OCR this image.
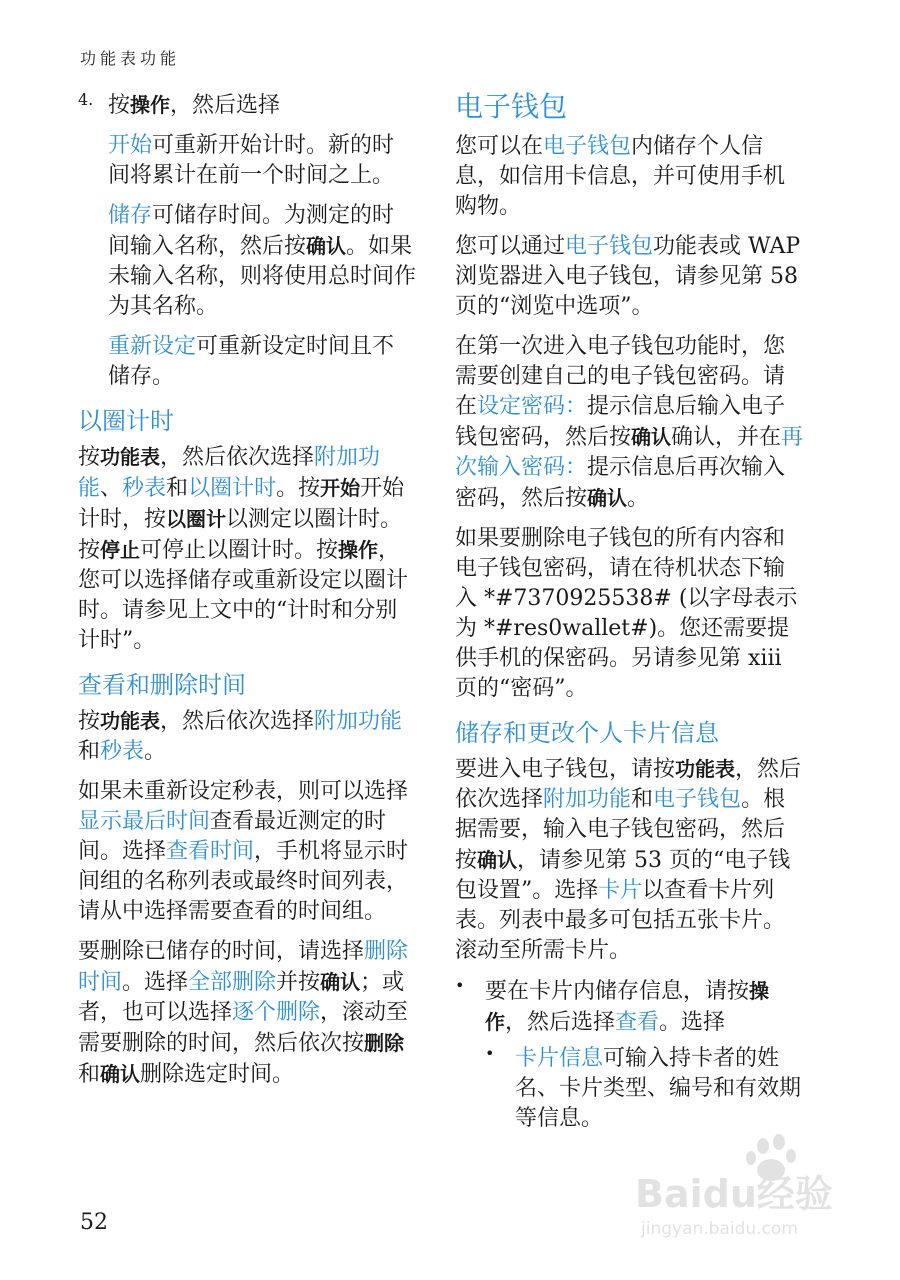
功能表功能
4. 按操作，然后选择

开始可重新开始计时。新的时间将累计在前一个时间之上。

储存可储存时间。为测定的时间输入名称，然后按确认。如果未输入名称，则将使用总时间作为其名称。

重新设定可重新设定时间且不储存。

以圈计时

按功能表，然后依次选择附加功能、秒表和以圈计时。按开始开始计时，按以圈计以测定以圈计时。按停止可停止以圈计时。按操作，您可以选择储存或重新设定以圈计时。请参见上文中的“计时和分别计时”。

查看和删除时间

按功能表，然后依次选择附加功能和秒表。

如果未重新设定秒表，则可以选择显示最后时间查看最近测定的时间。选择查看时间，手机将显示时间组的名称列表或最终时间列表，请从中选择需要查看的时间组。

要删除已储存的时间，请选择删除时间。选择全部删除并按确认；或者，也可以选择逐个删除，滚动至需要删除的时间，然后依次按删除和确认删除选定时间。

电子钱包

您可以在电子钱包内储存个人信息，如信用卡信息，并可使用手机购物。

您可以通过电子钱包功能表或 WAP 浏览器进入电子钱包，请参见第 58 页的“浏览中选项”。

在第一次进入电子钱包功能时，您需要创建自己的电子钱包密码。请在设定密码：提示信息后输入电子钱包密码，然后按确认确认，并在再次输入密码：提示信息后再次输入密码，然后按确认。

如果要删除电子钱包的所有内容和电子钱包密码，请在待机状态下输入 *#7370925538# (以字母表示为 *#res0wallet#)。您还需要提供手机的保密码。另请参见第 xiii 页的“密码”。

储存和更改个人卡片信息

要进入电子钱包，请按功能表，然后依次选择附加功能和电子钱包。根据需要，输入电子钱包密码，然后按确认，请参见第 53 页的“电子钱包设置”。选择卡片以查看卡片列表。列表中最多可包括五张卡片。滚动至所需卡片。

• 要在卡片内储存信息，请按操作，然后选择查看。选择

• 卡片信息可输入持卡者的姓名、卡片类型、编号和有效期等信息。

52
Baidu经验
jingyan.baidu.com
